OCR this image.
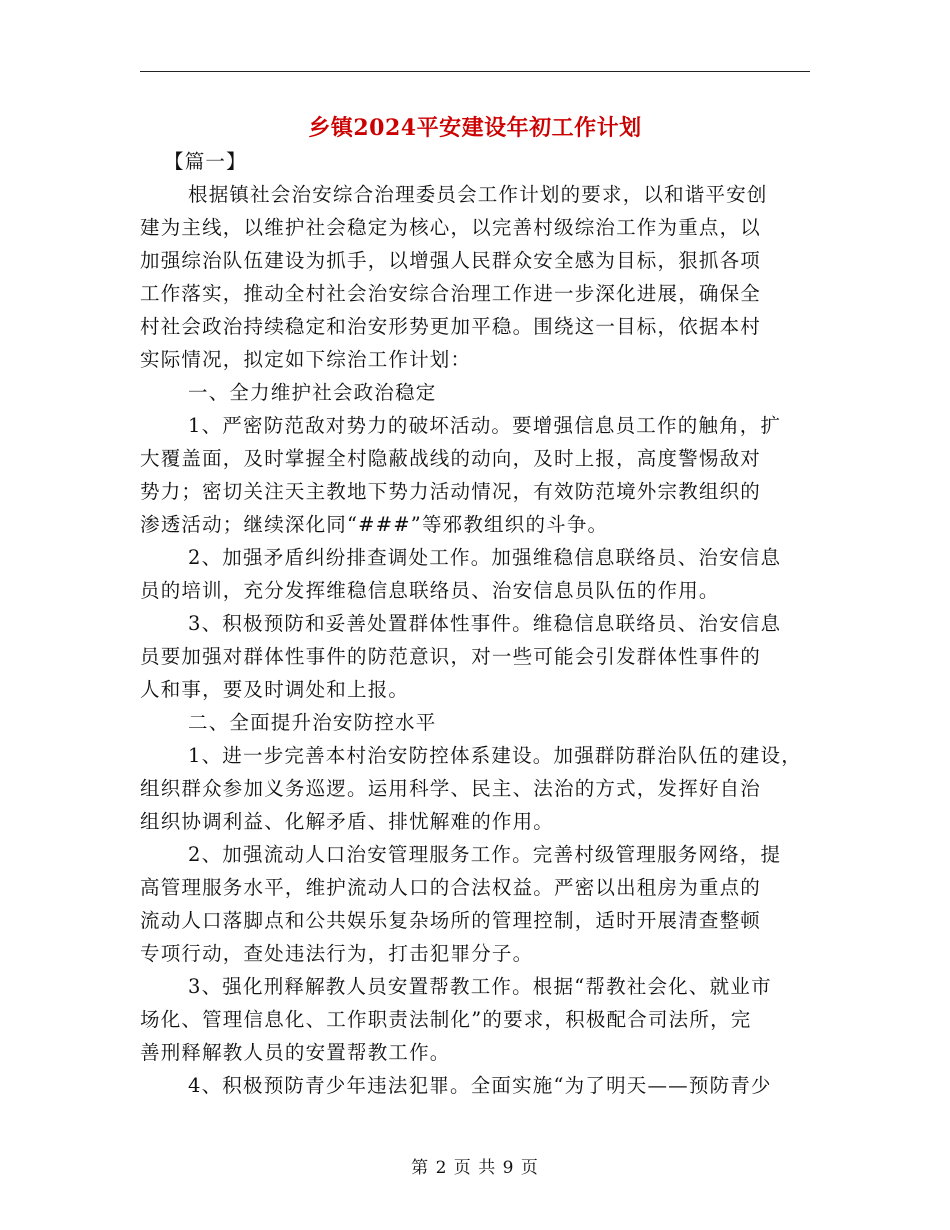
乡镇2024平安建设年初工作计划
【篇一】
根据镇社会治安综合治理委员会工作计划的要求，以和谐平安创
建为主线，以维护社会稳定为核心，以完善村级综治工作为重点，以
加强综治队伍建设为抓手，以增强人民群众安全感为目标，狠抓各项
工作落实，推动全村社会治安综合治理工作进一步深化进展，确保全
村社会政治持续稳定和治安形势更加平稳。围绕这一目标，依据本村
实际情况，拟定如下综治工作计划：
一、全力维护社会政治稳定
1、严密防范敌对势力的破坏活动。要增强信息员工作的触角，扩
大覆盖面，及时掌握全村隐蔽战线的动向，及时上报，高度警惕敌对
势力；密切关注天主教地下势力活动情况，有效防范境外宗教组织的
渗透活动；继续深化同“###”等邪教组织的斗争。
2、加强矛盾纠纷排查调处工作。加强维稳信息联络员、治安信息
员的培训，充分发挥维稳信息联络员、治安信息员队伍的作用。
3、积极预防和妥善处置群体性事件。维稳信息联络员、治安信息
员要加强对群体性事件的防范意识，对一些可能会引发群体性事件的
人和事，要及时调处和上报。
二、全面提升治安防控水平
1、进一步完善本村治安防控体系建设。加强群防群治队伍的建设，
组织群众参加义务巡逻。运用科学、民主、法治的方式，发挥好自治
组织协调利益、化解矛盾、排忧解难的作用。
2、加强流动人口治安管理服务工作。完善村级管理服务网络，提
高管理服务水平，维护流动人口的合法权益。严密以出租房为重点的
流动人口落脚点和公共娱乐复杂场所的管理控制，适时开展清查整顿
专项行动，查处违法行为，打击犯罪分子。
3、强化刑释解教人员安置帮教工作。根据“帮教社会化、就业市
场化、管理信息化、工作职责法制化”的要求，积极配合司法所，完
善刑释解教人员的安置帮教工作。
4、积极预防青少年违法犯罪。全面实施“为了明天——预防青少
第 2 页 共 9 页
